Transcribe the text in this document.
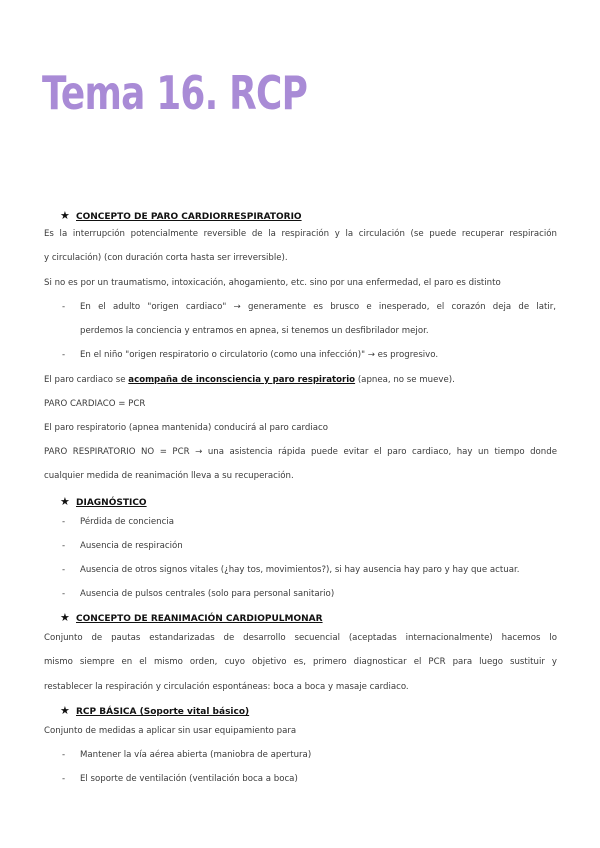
Tema 16. RCP
★ CONCEPTO DE PARO CARDIORRESPIRATORIO
Es la interrupción potencialmente reversible de la respiración y la circulación (se puede recuperar respiración
y circulación) (con duración corta hasta ser irreversible).
Si no es por un traumatismo, intoxicación, ahogamiento, etc. sino por una enfermedad, el paro es distinto
- En el adulto "origen cardiaco" → generamente es brusco e inesperado, el corazón deja de latir,
perdemos la conciencia y entramos en apnea, si tenemos un desfibrilador mejor.
- En el niño "origen respiratorio o circulatorio (como una infección)" → es progresivo.
El paro cardiaco se acompaña de inconsciencia y paro respiratorio (apnea, no se mueve).
PARO CARDIACO = PCR
El paro respiratorio (apnea mantenida) conducirá al paro cardiaco
PARO RESPIRATORIO NO = PCR → una asistencia rápida puede evitar el paro cardiaco, hay un tiempo donde
cualquier medida de reanimación lleva a su recuperación.
★ DIAGNÓSTICO
- Pérdida de conciencia
- Ausencia de respiración
- Ausencia de otros signos vitales (¿hay tos, movimientos?), si hay ausencia hay paro y hay que actuar.
- Ausencia de pulsos centrales (solo para personal sanitario)
★ CONCEPTO DE REANIMACIÓN CARDIOPULMONAR
Conjunto de pautas estandarizadas de desarrollo secuencial (aceptadas internacionalmente) hacemos lo
mismo siempre en el mismo orden, cuyo objetivo es, primero diagnosticar el PCR para luego sustituir y
restablecer la respiración y circulación espontáneas: boca a boca y masaje cardiaco.
★ RCP BÁSICA (Soporte vital básico)
Conjunto de medidas a aplicar sin usar equipamiento para
- Mantener la vía aérea abierta (maniobra de apertura)
- El soporte de ventilación (ventilación boca a boca)
